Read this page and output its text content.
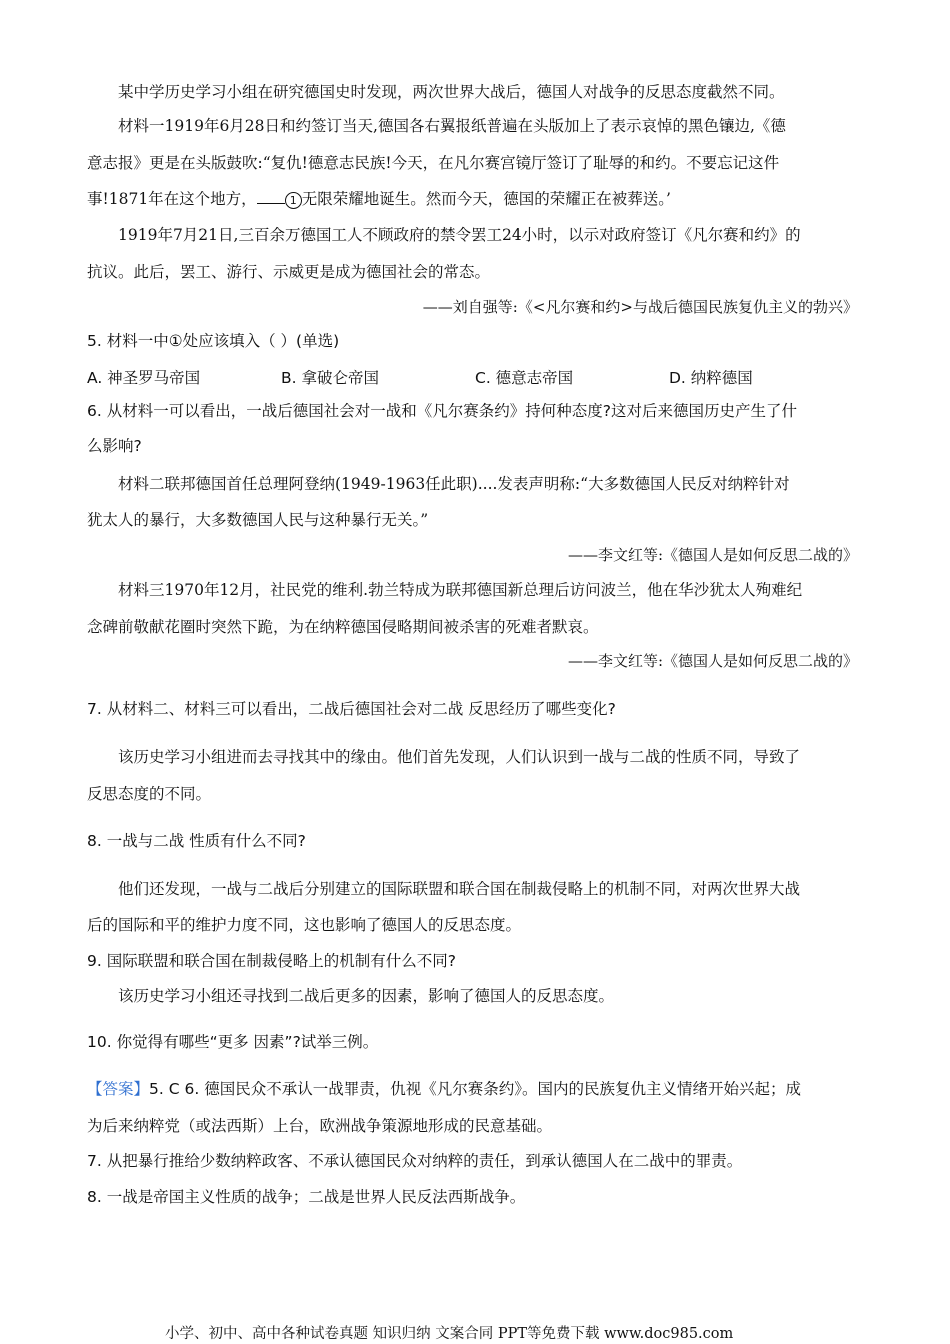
某中学历史学习小组在研究德国史时发现，两次世界大战后，德国人对战争的反思态度截然不同。
材料一1919年6月28日和约签订当天,德国各右翼报纸普遍在头版加上了表示哀悼的黑色镶边,《德
意志报》更是在头版鼓吹:“复仇!德意志民族!今天，在凡尔赛宫镜厅签订了耻辱的和约。不要忘记这件
事!1871年在这个地方，	1 无限荣耀地诞生。然而今天，德国的荣耀正在被葬送。’
1919年7月21日,三百余万德国工人不顾政府的禁令罢工24小时，以示对政府签订《凡尔赛和约》的
抗议。此后，罢工、游行、示威更是成为德国社会的常态。
——刘自强等:《<凡尔赛和约>与战后德国民族复仇主义的勃兴》
5. 材料一中①处应该填入（ ）(单选)
A. 神圣罗马帝国	B. 拿破仑帝国	C. 德意志帝国	D. 纳粹德国
6. 从材料一可以看出，一战后德国社会对一战和《凡尔赛条约》持何种态度?这对后来德国历史产生了什
么影响?
材料二联邦德国首任总理阿登纳(1949-1963任此职)....发表声明称:“大多数德国人民反对纳粹针对
犹太人的暴行，大多数德国人民与这种暴行无关。”
——李文红等:《德国人是如何反思二战的》
材料三1970年12月，社民党的维利.勃兰特成为联邦德国新总理后访问波兰，他在华沙犹太人殉难纪
念碑前敬献花圈时突然下跪，为在纳粹德国侵略期间被杀害的死难者默哀。
——李文红等:《德国人是如何反思二战的》
7. 从材料二、材料三可以看出，二战后德国社会对二战 反思经历了哪些变化?
该历史学习小组进而去寻找其中的缘由。他们首先发现，人们认识到一战与二战的性质不同，导致了
反思态度的不同。
8. 一战与二战 性质有什么不同?
他们还发现，一战与二战后分别建立的国际联盟和联合国在制裁侵略上的机制不同，对两次世界大战
后的国际和平的维护力度不同，这也影响了德国人的反思态度。
9. 国际联盟和联合国在制裁侵略上的机制有什么不同?
该历史学习小组还寻找到二战后更多的因素，影响了德国人的反思态度。
10. 你觉得有哪些“更多 因素”?试举三例。
【答案】5. C 6. 德国民众不承认一战罪责，仇视《凡尔赛条约》。国内的民族复仇主义情绪开始兴起；成
为后来纳粹党（或法西斯）上台，欧洲战争策源地形成的民意基础。
7. 从把暴行推给少数纳粹政客、不承认德国民众对纳粹的责任，到承认德国人在二战中的罪责。
8. 一战是帝国主义性质的战争；二战是世界人民反法西斯战争。
小学、初中、高中各种试卷真题 知识归纳 文案合同 PPT等免费下载 www.doc985.com
